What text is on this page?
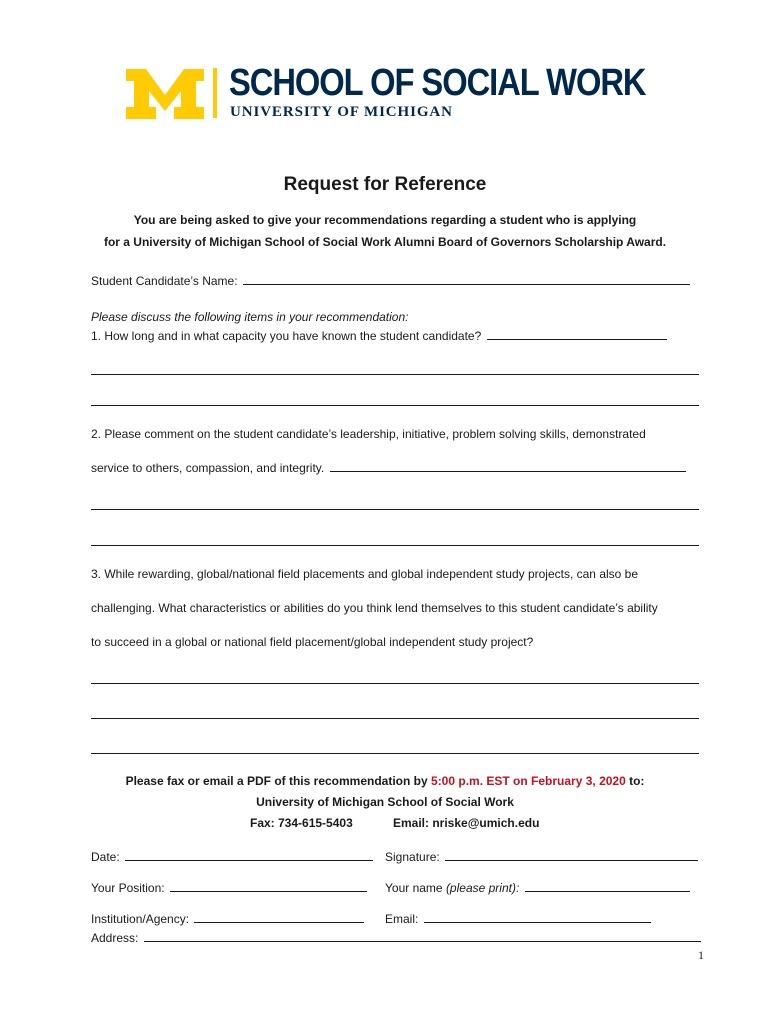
SCHOOL OF SOCIAL WORK
UNIVERSITY OF MICHIGAN
Request for Reference
You are being asked to give your recommendations regarding a student who is applying
for a University of Michigan School of Social Work Alumni Board of Governors Scholarship Award.
Student Candidate’s Name:
Please discuss the following items in your recommendation:
1. How long and in what capacity you have known the student candidate?
2. Please comment on the student candidate’s leadership, initiative, problem solving skills, demonstrated
service to others, compassion, and integrity.
3. While rewarding, global/national field placements and global independent study projects, can also be
challenging. What characteristics or abilities do you think lend themselves to this student candidate’s ability
to succeed in a global or national field placement/global independent study project?
Please fax or email a PDF of this recommendation by 5:00 p.m. EST on February 3, 2020 to:
University of Michigan School of Social Work
Fax: 734-615-5403	Email: nriske@umich.edu
Date:	Signature:
Your Position:	Your name (please print):
Institution/Agency:	Email:
Address:
1
